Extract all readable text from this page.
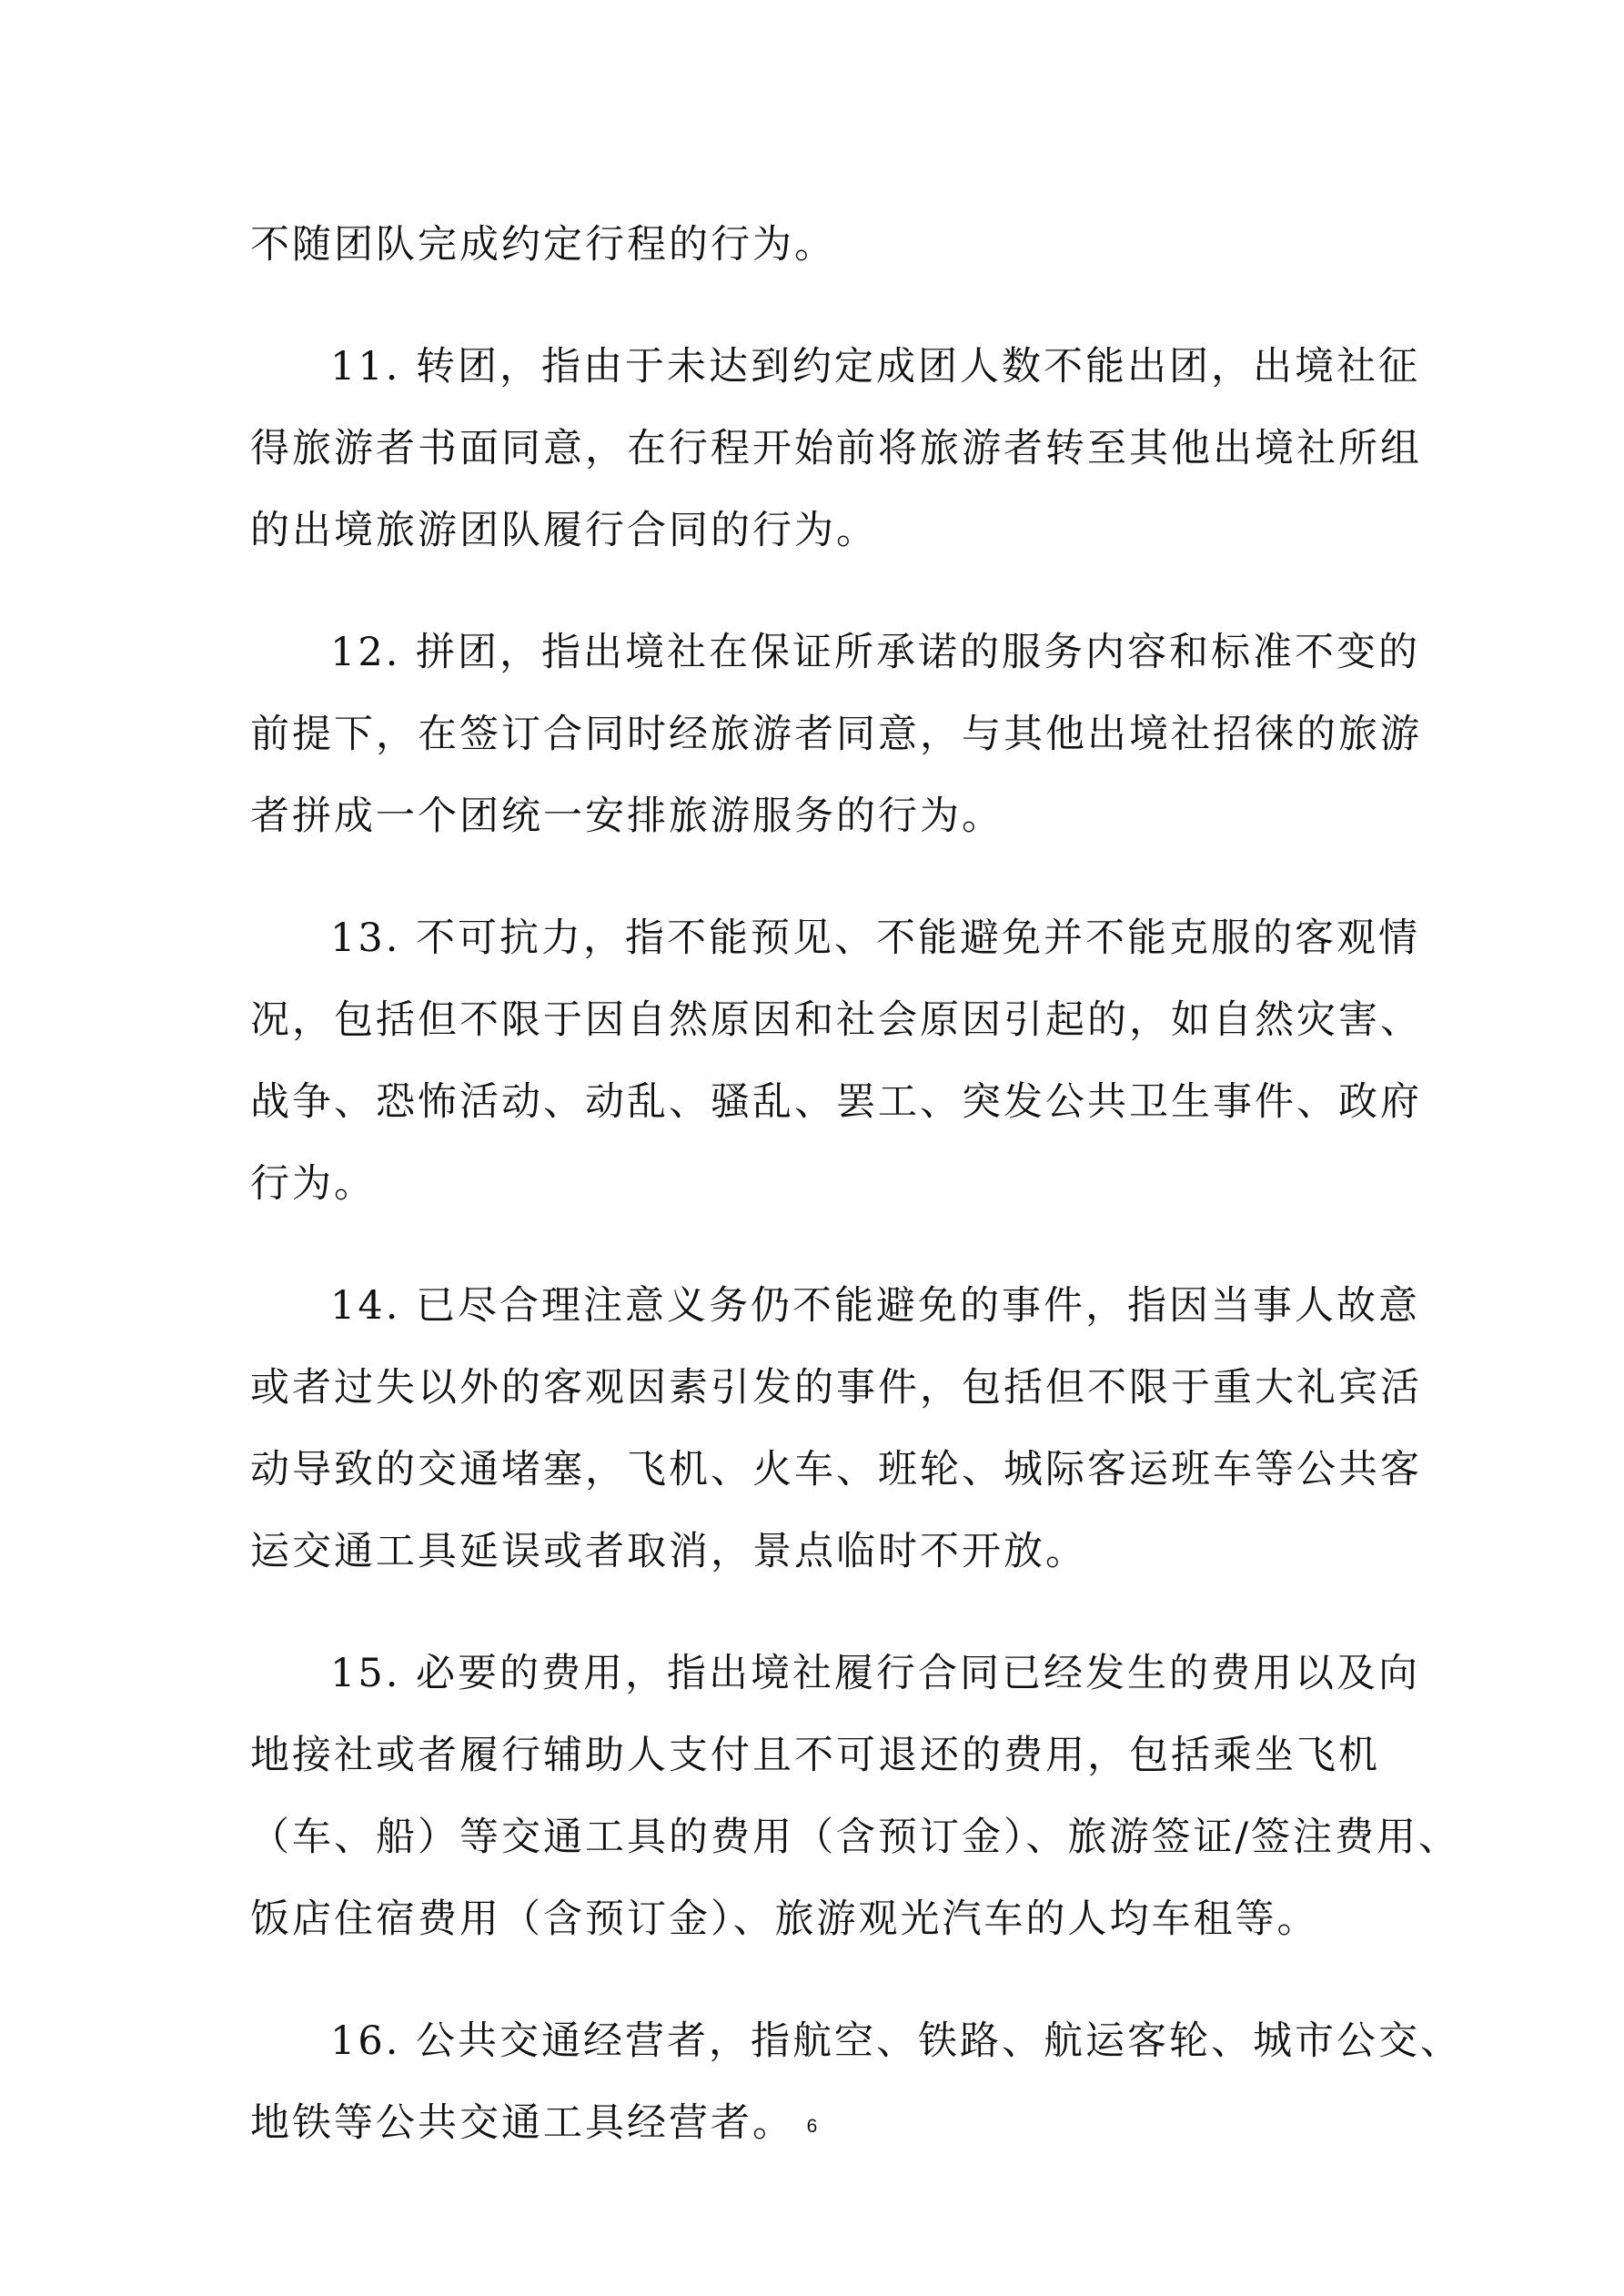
不随团队完成约定行程的行为。

11. 转团，指由于未达到约定成团人数不能出团，出境社征

得旅游者书面同意，在行程开始前将旅游者转至其他出境社所组

的出境旅游团队履行合同的行为。

12. 拼团，指出境社在保证所承诺的服务内容和标准不变的

前提下，在签订合同时经旅游者同意，与其他出境社招徕的旅游

者拼成一个团统一安排旅游服务的行为。

13. 不可抗力，指不能预见、不能避免并不能克服的客观情

况，包括但不限于因自然原因和社会原因引起的，如自然灾害、

战争、恐怖活动、动乱、骚乱、罢工、突发公共卫生事件、政府

行为。

14. 已尽合理注意义务仍不能避免的事件，指因当事人故意

或者过失以外的客观因素引发的事件，包括但不限于重大礼宾活

动导致的交通堵塞，飞机、火车、班轮、城际客运班车等公共客

运交通工具延误或者取消，景点临时不开放。

15. 必要的费用，指出境社履行合同已经发生的费用以及向

地接社或者履行辅助人支付且不可退还的费用，包括乘坐飞机

（车、船）等交通工具的费用（含预订金）、旅游签证/签注费用、

饭店住宿费用（含预订金）、旅游观光汽车的人均车租等。

16. 公共交通经营者，指航空、铁路、航运客轮、城市公交、

地铁等公共交通工具经营者。 6
